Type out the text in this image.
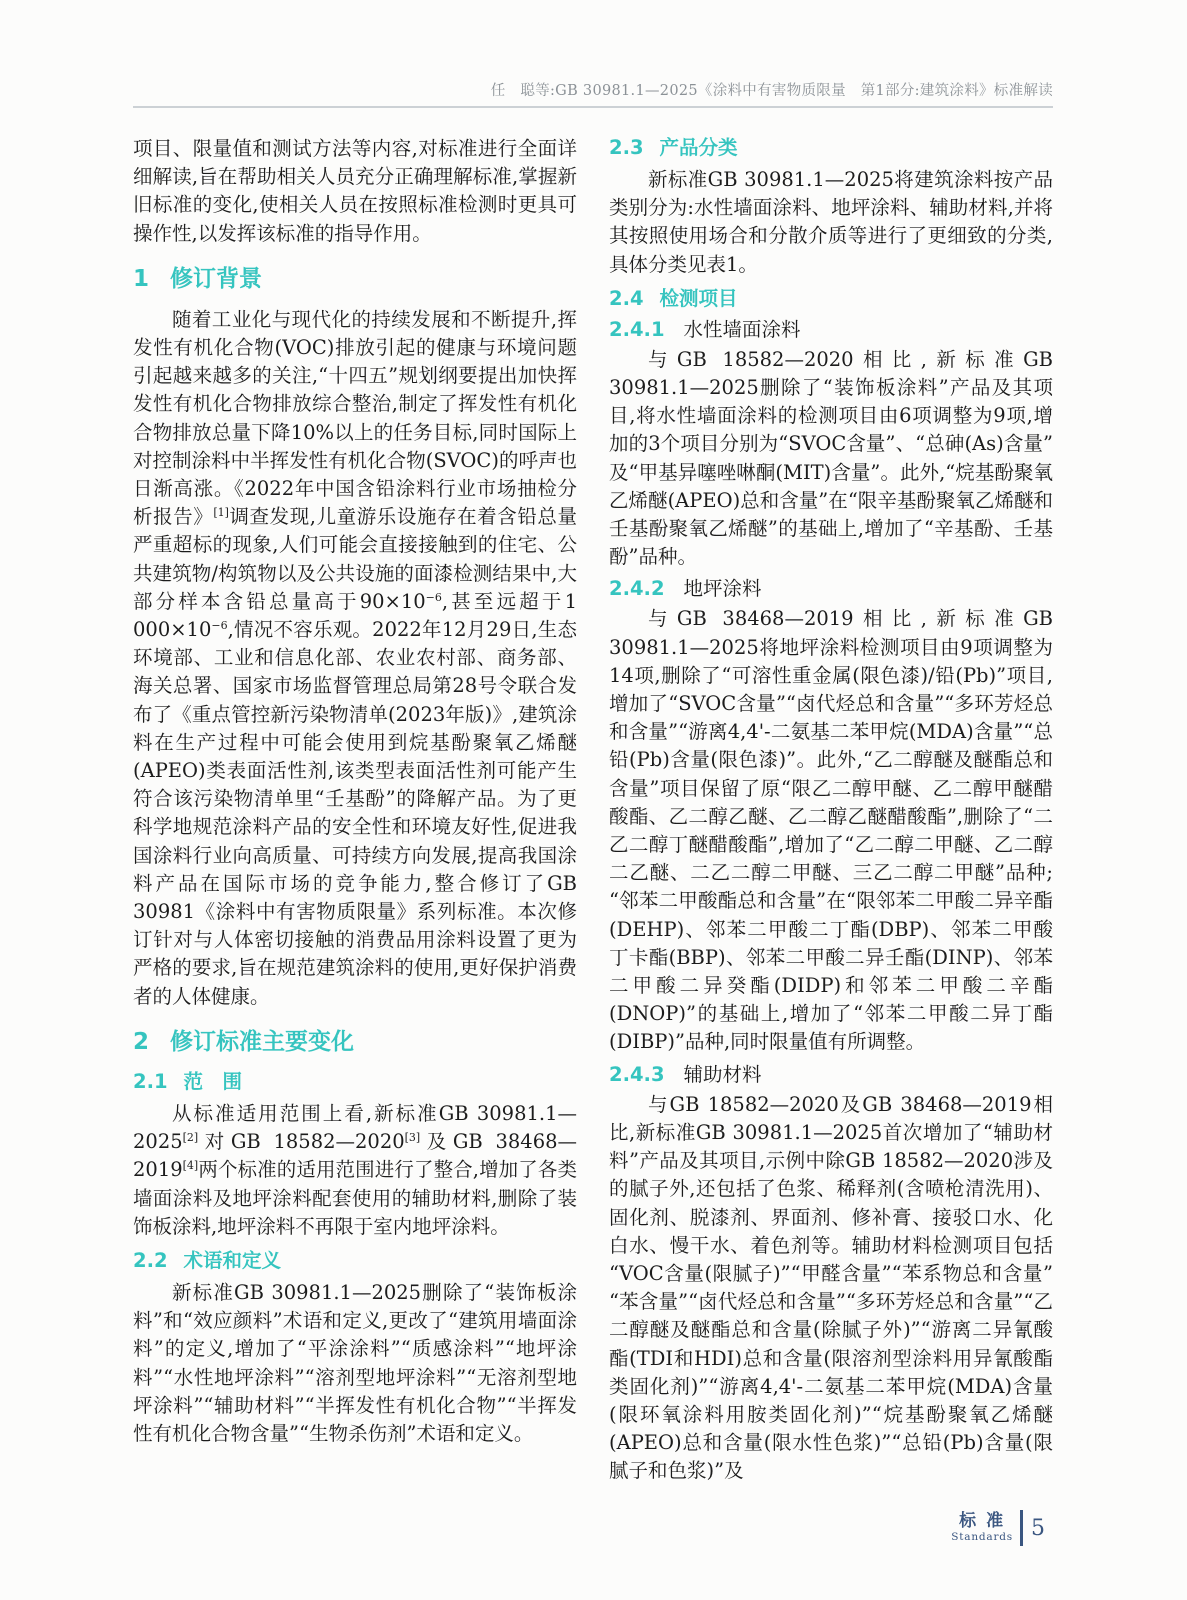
任　聪等:GB 30981.1—2025《涂料中有害物质限量　第1部分:建筑涂料》标准解读

项目、限量值和测试方法等内容,对标准进行全面详细解读,旨在帮助相关人员充分正确理解标准,掌握新旧标准的变化,使相关人员在按照标准检测时更具可操作性,以发挥该标准的指导作用。

1 修订背景

随着工业化与现代化的持续发展和不断提升,挥发性有机化合物(VOC)排放引起的健康与环境问题引起越来越多的关注,“十四五”规划纲要提出加快挥发性有机化合物排放综合整治,制定了挥发性有机化合物排放总量下降10%以上的任务目标,同时国际上对控制涂料中半挥发性有机化合物(SVOC)的呼声也日渐高涨。《2022年中国含铅涂料行业市场抽检分析报告》[1]调查发现,儿童游乐设施存在着含铅总量严重超标的现象,人们可能会直接接触到的住宅、公共建筑物/构筑物以及公共设施的面漆检测结果中,大部分样本含铅总量高于90×10$^{-6}$,甚至远超于1 000×10$^{-6}$,情况不容乐观。2022年12月29日,生态环境部、工业和信息化部、农业农村部、商务部、海关总署、国家市场监督管理总局第28号令联合发布了《重点管控新污染物清单(2023年版)》,建筑涂料在生产过程中可能会使用到烷基酚聚氧乙烯醚(APEO)类表面活性剂,该类型表面活性剂可能产生符合该污染物清单里“壬基酚”的降解产品。为了更科学地规范涂料产品的安全性和环境友好性,促进我国涂料行业向高质量、可持续方向发展,提高我国涂料产品在国际市场的竞争能力,整合修订了GB 30981《涂料中有害物质限量》系列标准。本次修订针对与人体密切接触的消费品用涂料设置了更为严格的要求,旨在规范建筑涂料的使用,更好保护消费者的人体健康。

2 修订标准主要变化
2.1 范　围

从标准适用范围上看,新标准GB 30981.1—2025[2]对GB 18582—2020[3]及GB 38468—2019[4]两个标准的适用范围进行了整合,增加了各类墙面涂料及地坪涂料配套使用的辅助材料,删除了装饰板涂料,地坪涂料不再限于室内地坪涂料。

2.2 术语和定义

新标准GB 30981.1—2025删除了“装饰板涂料”和“效应颜料”术语和定义,更改了“建筑用墙面涂料”的定义,增加了“平涂涂料”“质感涂料”“地坪涂料”“水性地坪涂料”“溶剂型地坪涂料”“无溶剂型地坪涂料”“辅助材料”“半挥发性有机化合物”“半挥发性有机化合物含量”“生物杀伤剂”术语和定义。

2.3 产品分类

新标准GB 30981.1—2025将建筑涂料按产品类别分为:水性墙面涂料、地坪涂料、辅助材料,并将其按照使用场合和分散介质等进行了更细致的分类,具体分类见表1。

2.4 检测项目
2.4.1 水性墙面涂料

与GB 18582—2020相比,新标准GB 30981.1—2025删除了“装饰板涂料”产品及其项目,将水性墙面涂料的检测项目由6项调整为9项,增加的3个项目分别为“SVOC含量”、“总砷(As)含量”及“甲基异噻唑啉酮(MIT)含量”。此外,“烷基酚聚氧乙烯醚(APEO)总和含量”在“限辛基酚聚氧乙烯醚和壬基酚聚氧乙烯醚”的基础上,增加了“辛基酚、壬基酚”品种。

2.4.2 地坪涂料

与GB 38468—2019相比,新标准GB 30981.1—2025将地坪涂料检测项目由9项调整为14项,删除了“可溶性重金属(限色漆)/铅(Pb)”项目,增加了“SVOC含量”“卤代烃总和含量”“多环芳烃总和含量”“游离4,4'-二氨基二苯甲烷(MDA)含量”“总铅(Pb)含量(限色漆)”。此外,“乙二醇醚及醚酯总和含量”项目保留了原“限乙二醇甲醚、乙二醇甲醚醋酸酯、乙二醇乙醚、乙二醇乙醚醋酸酯”,删除了“二乙二醇丁醚醋酸酯”,增加了“乙二醇二甲醚、乙二醇二乙醚、二乙二醇二甲醚、三乙二醇二甲醚”品种;“邻苯二甲酸酯总和含量”在“限邻苯二甲酸二异辛酯(DEHP)、邻苯二甲酸二丁酯(DBP)、邻苯二甲酸丁卡酯(BBP)、邻苯二甲酸二异壬酯(DINP)、邻苯二甲酸二异癸酯(DIDP)和邻苯二甲酸二辛酯(DNOP)”的基础上,增加了“邻苯二甲酸二异丁酯(DIBP)”品种,同时限量值有所调整。

2.4.3 辅助材料

与GB 18582—2020及GB 38468—2019相比,新标准GB 30981.1—2025首次增加了“辅助材料”产品及其项目,示例中除GB 18582—2020涉及的腻子外,还包括了色浆、稀释剂(含喷枪清洗用)、固化剂、脱漆剂、界面剂、修补膏、接驳口水、化白水、慢干水、着色剂等。辅助材料检测项目包括“VOC含量(限腻子)”“甲醛含量”“苯系物总和含量”“苯含量”“卤代烃总和含量”“多环芳烃总和含量”“乙二醇醚及醚酯总和含量(除腻子外)”“游离二异氰酸酯(TDI和HDI)总和含量(限溶剂型涂料用异氰酸酯类固化剂)”“游离4,4'-二氨基二苯甲烷(MDA)含量(限环氧涂料用胺类固化剂)”“烷基酚聚氧乙烯醚(APEO)总和含量(限水性色浆)”“总铅(Pb)含量(限腻子和色浆)”及

标 准
Standards 5
